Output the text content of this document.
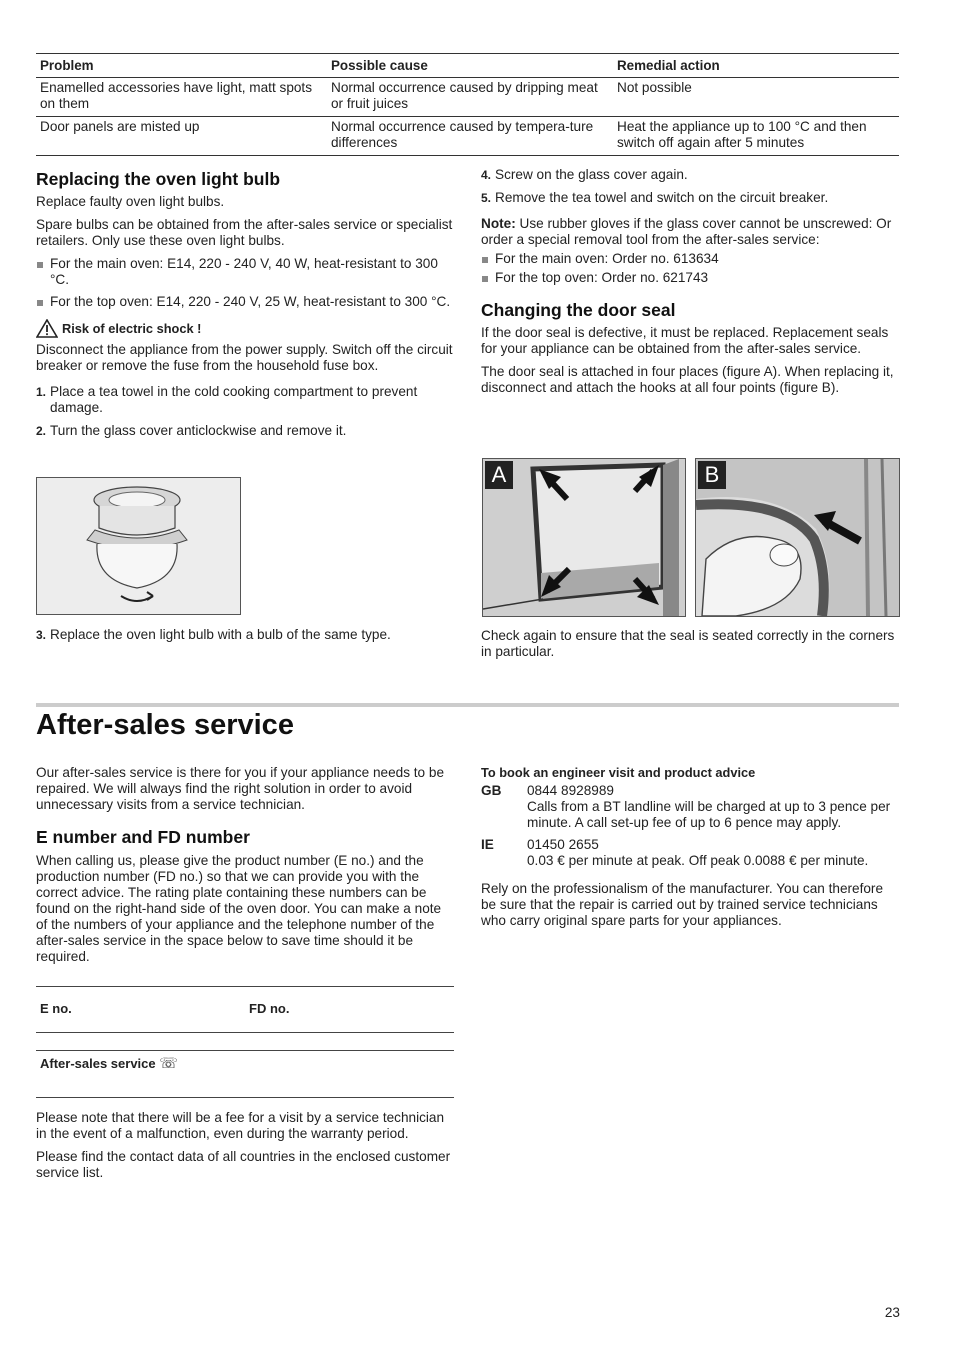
Problem	Possible cause	Remedial action
Enamelled accessories have light, matt spots on them	Normal occurrence caused by dripping meat or fruit juices	Not possible
Door panels are misted up	Normal occurrence caused by tempera-ture differences	Heat the appliance up to 100 °C and then switch off again after 5 minutes
Replacing the oven light bulb

Replace faulty oven light bulbs.

Spare bulbs can be obtained from the after-sales service or specialist retailers. Only use these oven light bulbs.

For the main oven: E14, 220 - 240 V, 40 W, heat-resistant to 300 °C.
For the top oven: E14, 220 - 240 V, 25 W, heat-resistant to 300 °C.
Risk of electric shock !

Disconnect the appliance from the power supply. Switch off the circuit breaker or remove the fuse from the household fuse box.

1. Place a tea towel in the cold cooking compartment to prevent damage.
2. Turn the glass cover anticlockwise and remove it.
3. Replace the oven light bulb with a bulb of the same type.
4. Screw on the glass cover again.
5. Remove the tea towel and switch on the circuit breaker.

Note: Use rubber gloves if the glass cover cannot be unscrewed: Or order a special removal tool from the after-sales service:

For the main oven: Order no. 613634
For the top oven: Order no. 621743
Changing the door seal

If the door seal is defective, it must be replaced. Replacement seals for your appliance can be obtained from the after-sales service.

The door seal is attached in four places (figure A). When replacing it, disconnect and attach the hooks at all four points (figure B).

A	B

Check again to ensure that the seal is seated correctly in the corners in particular.

After-sales service

Our after-sales service is there for you if your appliance needs to be repaired. We will always find the right solution in order to avoid unnecessary visits from a service technician.

E number and FD number

When calling us, please give the product number (E no.) and the production number (FD no.) so that we can provide you with the correct advice. The rating plate containing these numbers can be found on the right-hand side of the oven door. You can make a note of the numbers of your appliance and the telephone number of the after-sales service in the space below to save time should it be required.

E no.	FD no.
After-sales service ☏

Please note that there will be a fee for a visit by a service technician in the event of a malfunction, even during the warranty period.

Please find the contact data of all countries in the enclosed customer service list.

To book an engineer visit and product advice
GB	0844 8928989
Calls from a BT landline will be charged at up to 3 pence per minute. A call set-up fee of up to 6 pence may apply.
IE	01450 2655
0.03 € per minute at peak. Off peak 0.0088 € per minute.

Rely on the professionalism of the manufacturer. You can therefore be sure that the repair is carried out by trained service technicians who carry original spare parts for your appliances.

23
